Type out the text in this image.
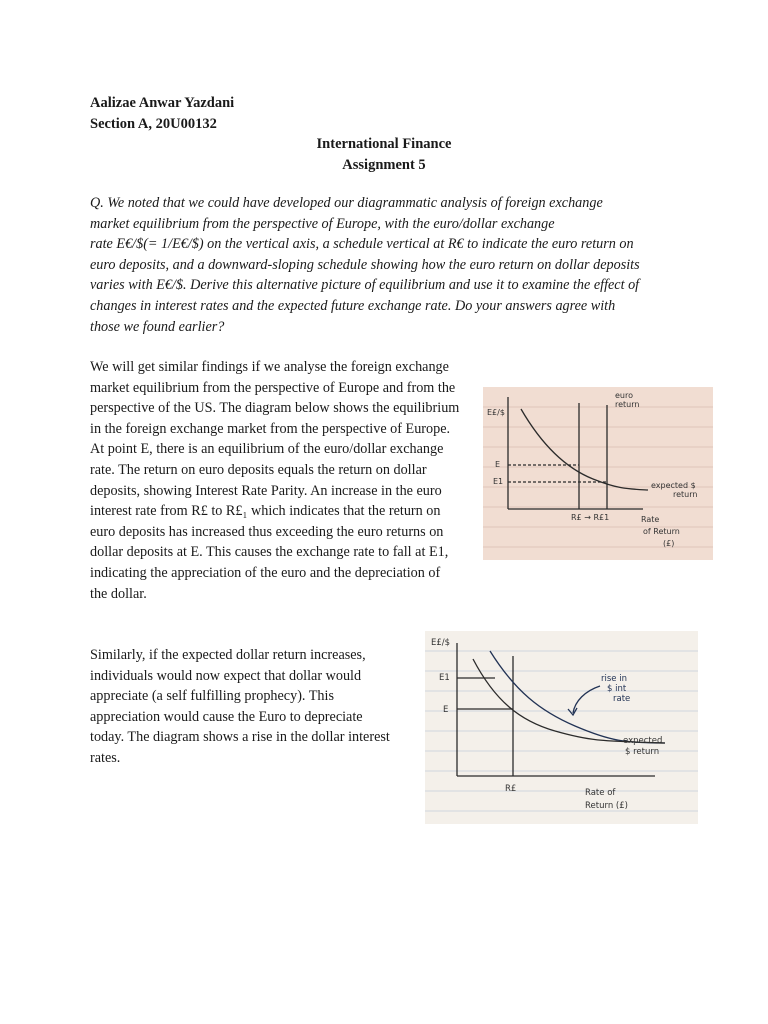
Aalizae Anwar Yazdani
Section A, 20U00132
International Finance
Assignment 5
Q. We noted that we could have developed our diagrammatic analysis of foreign exchange
market equilibrium from the perspective of Europe, with the euro/dollar exchange
rate E€/$(= 1/E€/$) on the vertical axis, a schedule vertical at R€ to indicate the euro return on
euro deposits, and a downward-sloping schedule showing how the euro return on dollar deposits
varies with E€/$. Derive this alternative picture of equilibrium and use it to examine the effect of
changes in interest rates and the expected future exchange rate. Do your answers agree with
those we found earlier?
We will get similar findings if we analyse the foreign exchange
market equilibrium from the perspective of Europe and from the
perspective of the US. The diagram below shows the equilibrium
in the foreign exchange market from the perspective of Europe.
At point E, there is an equilibrium of the euro/dollar exchange
rate. The return on euro deposits equals the return on dollar
deposits, showing Interest Rate Parity. An increase in the euro
interest rate from R£ to R£₁ which indicates that the return on
euro deposits has increased thus exceeding the euro returns on
dollar deposits at E. This causes the exchange rate to fall at E1,
indicating the appreciation of the euro and the depreciation of
the dollar.
Similarly, if the expected dollar return increases,
individuals would now expect that dollar would
appreciate (a self fulfilling prophecy). This
appreciation would cause the Euro to depreciate
today. The diagram shows a rise in the dollar interest
rates.
E£/$
euro
return
E
E1	expected $
return
R£ → R£1	Rate
of Return
(£)
E£/$
E1
E
rise in
$ int
rate
expected
$ return
R£	Rate of
Return (£)
